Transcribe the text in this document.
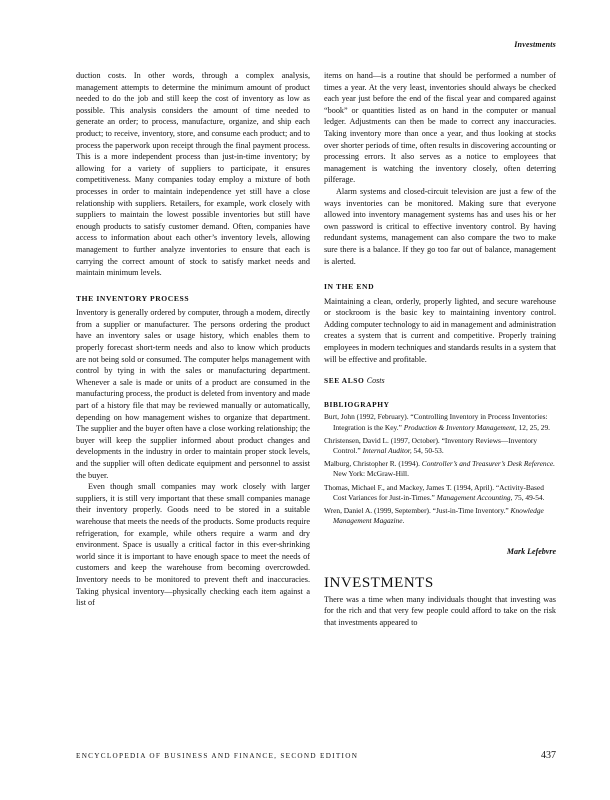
Investments

duction costs. In other words, through a complex analysis, management attempts to determine the minimum amount of product needed to do the job and still keep the cost of inventory as low as possible. This analysis considers the amount of time needed to generate an order; to process, manufacture, organize, and ship each product; to receive, inventory, store, and consume each product; and to process the paperwork upon receipt through the final payment process. This is a more independent process than just-in-time inventory; by allowing for a variety of suppliers to participate, it ensures competitiveness. Many companies today employ a mixture of both processes in order to maintain independence yet still have a close relationship with suppliers. Retailers, for example, work closely with suppliers to maintain the lowest possible inventories but still have enough products to satisfy customer demand. Often, companies have access to information about each other’s inventory levels, allowing management to further analyze inventories to ensure that each is carrying the correct amount of stock to satisfy market needs and maintain minimum levels.

THE INVENTORY PROCESS

Inventory is generally ordered by computer, through a modem, directly from a supplier or manufacturer. The persons ordering the product have an inventory sales or usage history, which enables them to properly forecast short-term needs and also to know which products are not being sold or consumed. The computer helps management with control by tying in with the sales or manufacturing department. Whenever a sale is made or units of a product are consumed in the manufacturing process, the product is deleted from inventory and made part of a history file that may be reviewed manually or automatically, depending on how management wishes to organize that department. The supplier and the buyer often have a close working relationship; the buyer will keep the supplier informed about product changes and developments in the industry in order to maintain proper stock levels, and the supplier will often dedicate equipment and personnel to assist the buyer.

Even though small companies may work closely with larger suppliers, it is still very important that these small companies manage their inventory properly. Goods need to be stored in a suitable warehouse that meets the needs of the products. Some products require refrigeration, for example, while others require a warm and dry environment. Space is usually a critical factor in this ever-shrinking world since it is important to have enough space to meet the needs of customers and keep the warehouse from becoming overcrowded. Inventory needs to be monitored to prevent theft and inaccuracies. Taking physical inventory—physically checking each item against a list of

items on hand—is a routine that should be performed a number of times a year. At the very least, inventories should always be checked each year just before the end of the fiscal year and compared against “book” or quantities listed as on hand in the computer or manual ledger. Adjustments can then be made to correct any inaccuracies. Taking inventory more than once a year, and thus looking at stocks over shorter periods of time, often results in discovering accounting or processing errors. It also serves as a notice to employees that management is watching the inventory closely, often deterring pilferage.

Alarm systems and closed-circuit television are just a few of the ways inventories can be monitored. Making sure that everyone allowed into inventory management systems has and uses his or her own password is critical to effective inventory control. By having redundant systems, management can also compare the two to make sure there is a balance. If they go too far out of balance, management is alerted.

IN THE END

Maintaining a clean, orderly, properly lighted, and secure warehouse or stockroom is the basic key to maintaining inventory control. Adding computer technology to aid in management and administration creates a system that is current and competitive. Properly training employees in modern techniques and standards results in a system that will be effective and profitable.

SEE ALSO Costs
BIBLIOGRAPHY

Burt, John (1992, February). “Controlling Inventory in Process Inventories: Integration is the Key.” Production & Inventory Management, 12, 25, 29.

Christensen, David L. (1997, October). “Inventory Reviews—Inventory Control.” Internal Auditor, 54, 50-53.

Malburg, Christopher R. (1994). Controller’s and Treasurer’s Desk Reference. New York: McGraw-Hill.

Thomas, Michael F., and Mackey, James T. (1994, April). “Activity-Based Cost Variances for Just-in-Times.” Management Accounting, 75, 49-54.

Wren, Daniel A. (1999, September). “Just-in-Time Inventory.” Knowledge Management Magazine.

Mark Lefebvre
INVESTMENTS

There was a time when many individuals thought that investing was for the rich and that very few people could afford to take on the risk that investments appeared to

ENCYCLOPEDIA OF BUSINESS AND FINANCE, SECOND EDITION	437
